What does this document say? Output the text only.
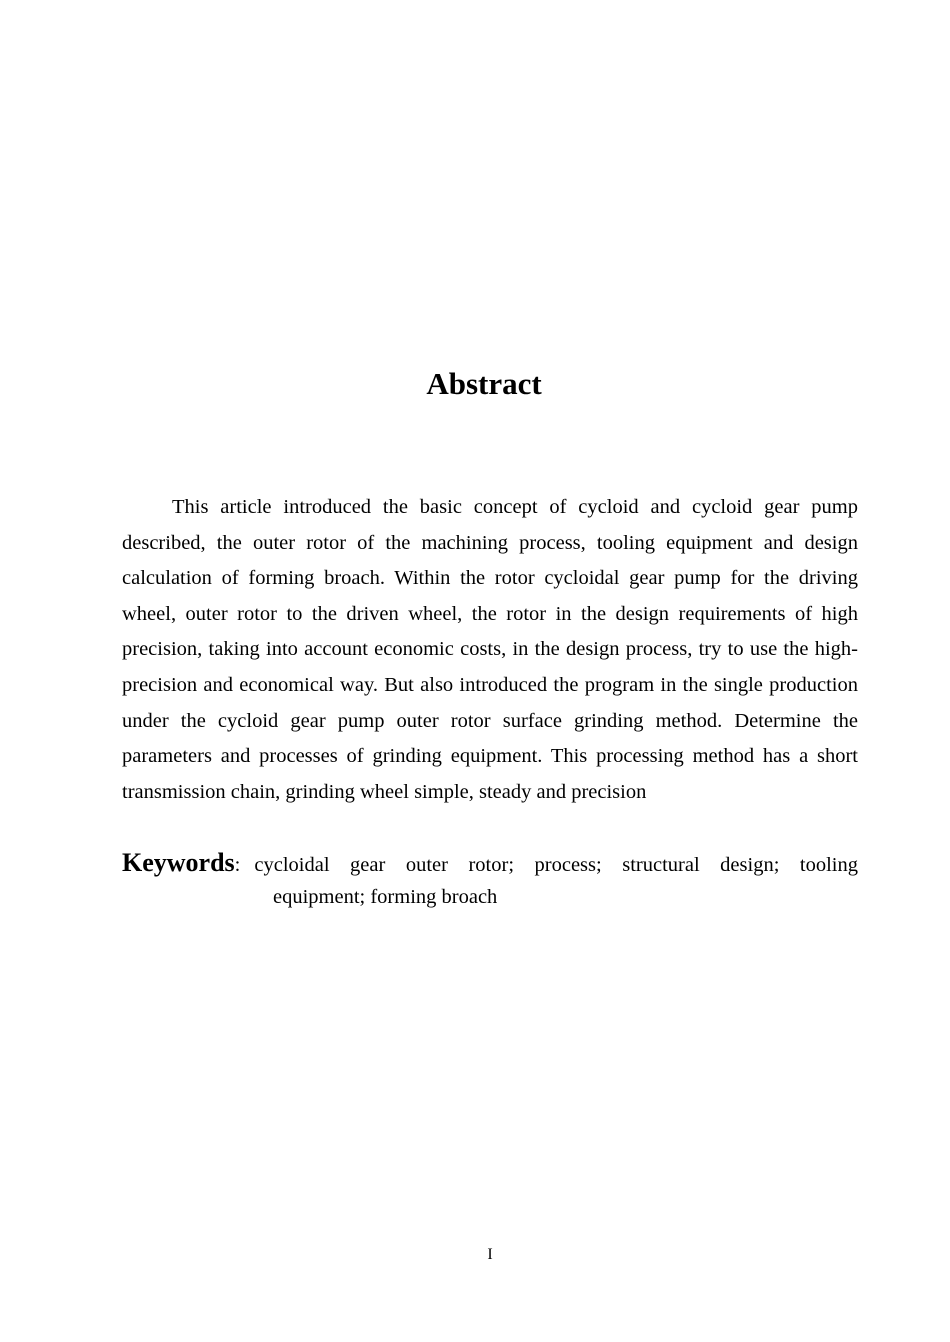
Abstract

This article introduced the basic concept of cycloid and cycloid gear pump described, the outer rotor of the machining process, tooling equipment and design calculation of forming broach. Within the rotor cycloidal gear pump for the driving wheel, outer rotor to the driven wheel, the rotor in the design requirements of high precision, taking into account economic costs, in the design process, try to use the high-precision and economical way. But also introduced the program in the single production under the cycloid gear pump outer rotor surface grinding method. Determine the parameters and processes of grinding equipment. This processing method has a short transmission chain, grinding wheel simple, steady and precision

Keywords : cycloidal gear outer rotor; process; structural design; tooling
equipment; forming broach
I
